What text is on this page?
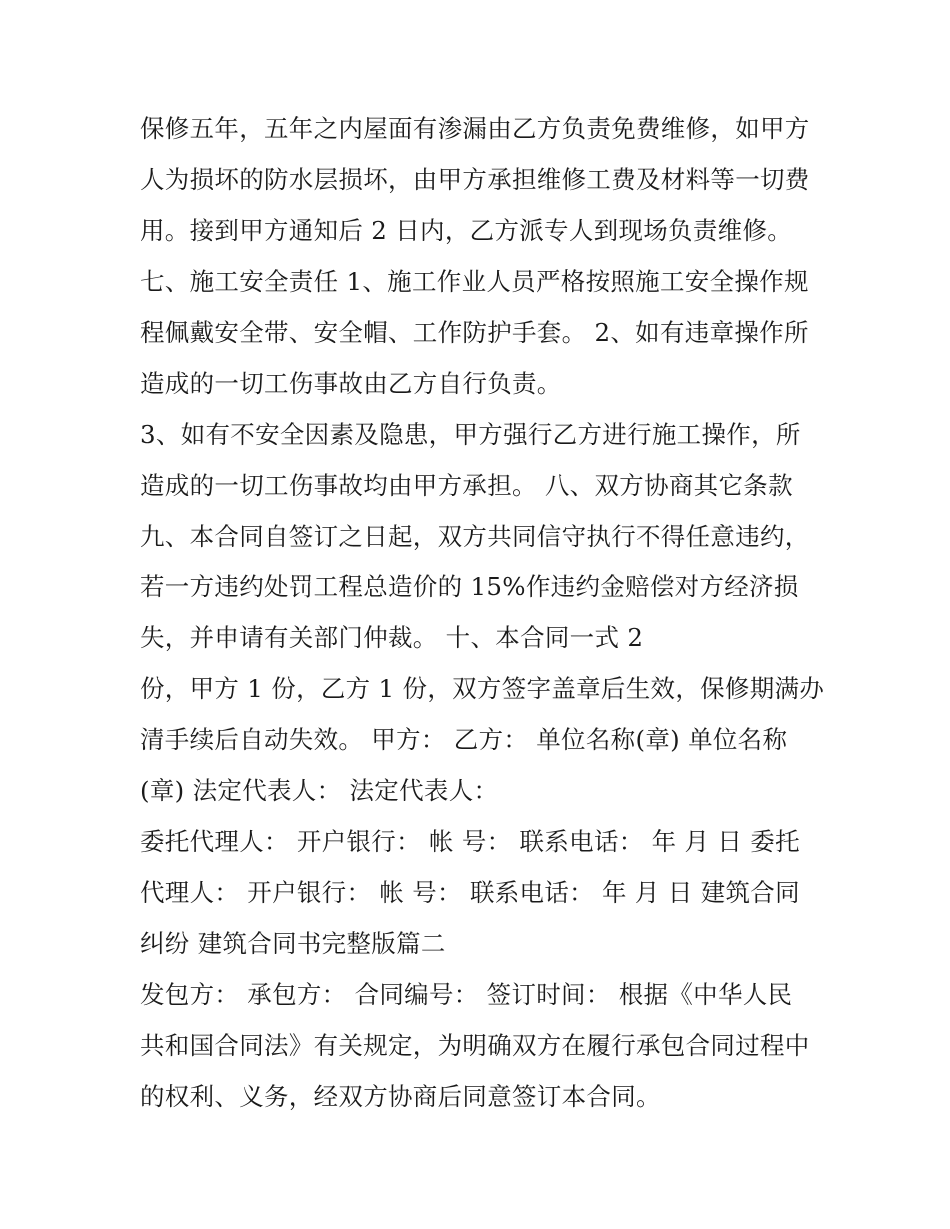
保修五年，五年之内屋面有渗漏由乙方负责免费维修，如甲方
人为损坏的防水层损坏，由甲方承担维修工费及材料等一切费
用。接到甲方通知后 2 日内，乙方派专人到现场负责维修。
七、施工安全责任 1、施工作业人员严格按照施工安全操作规
程佩戴安全带、安全帽、工作防护手套。 2、如有违章操作所
造成的一切工伤事故由乙方自行负责。
3、如有不安全因素及隐患，甲方强行乙方进行施工操作，所
造成的一切工伤事故均由甲方承担。 八、双方协商其它条款
九、本合同自签订之日起，双方共同信守执行不得任意违约，
若一方违约处罚工程总造价的 15%作违约金赔偿对方经济损
失，并申请有关部门仲裁。 十、本合同一式 2
份，甲方 1 份，乙方 1 份，双方签字盖章后生效，保修期满办
清手续后自动失效。 甲方： 乙方： 单位名称(章) 单位名称
(章) 法定代表人： 法定代表人：
委托代理人： 开户银行： 帐 号： 联系电话： 年 月 日 委托
代理人： 开户银行： 帐 号： 联系电话： 年 月 日 建筑合同
纠纷 建筑合同书完整版篇二
发包方： 承包方： 合同编号： 签订时间： 根据《中华人民
共和国合同法》有关规定，为明确双方在履行承包合同过程中
的权利、义务，经双方协商后同意签订本合同。
